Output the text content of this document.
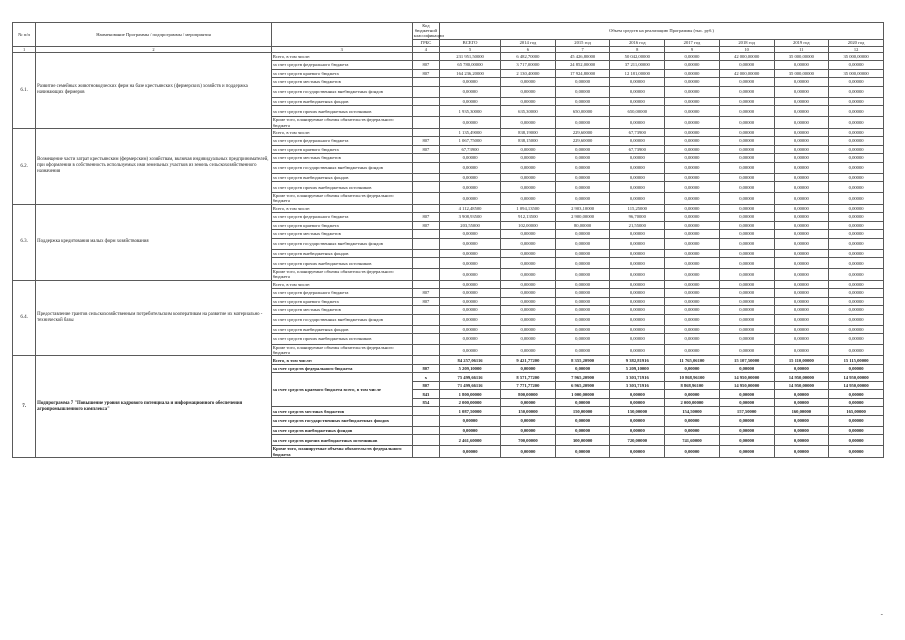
№ п/п	Наименование Программы / подпрограммы / мероприятия		Код бюджетной классификации	Объем средств на реализацию Программы (тыс. руб.)							
			ГРБС	ВСЕГО	2014 год	2015 год	2016 год	2017 год	2018 год	2019 год	2020 год

1	2	3	4	5	6	7	8	9	10	11	12
6.1.	Развитие семейных животноводческих ферм на базе крестьянских (фермерских) хозяйств и поддержка начинающих фермеров	Всего, в том числе:		231 951,50000	6 482,70000	45 426,80000	50 042,00000	0,00000	42 000,00000	35 000,00000	35 000,00000
		за счет средств федерального бюджета	807	65 780,00000	3 717,00000	24 852,00000	37 211,00000	0,00000	0,00000	0,00000	0,00000
		за счет средств краевого бюджета	807	164 236,20000	2 130,40000	17 924,80000	12 181,00000	0,00000	42 000,00000	35 000,00000	35 000,00000
		за счет средств местных бюджетов		0,00000	0,00000	0,00000	0,00000	0,00000	0,00000	0,00000	0,00000
		за счет средств государственных внебюджетных фондов		0,00000	0,00000	0,00000	0,00000	0,00000	0,00000	0,00000	0,00000
		за счет средств внебюджетных фондов		0,00000	0,00000	0,00000	0,00000	0,00000	0,00000	0,00000	0,00000
		за счет средств прочих внебюджетных источников		1 935,30000	635,30000	650,00000	650,00000	0,00000	0,00000	0,00000	0,00000
		Кроме того, планируемые объемы обязательств федерального бюджета		0,00000	0,00000	0,00000	0,00000	0,00000	0,00000	0,00000	0,00000
6.2.	Возмещение части затрат крестьянским (фермерским) хозяйствам, включая индивидуальных предпринимателей, при оформлении в собственность используемых ими земельных участков из земель сельскохозяйственного назначения	Всего, в том числе:		1 135,49000	838,19000	229,60000	67,73900	0,00000	0,00000	0,00000	0,00000
		за счет средств федерального бюджета	807	1 067,75000	838,15000	229,60000	0,00000	0,00000	0,00000	0,00000	0,00000
		за счет средств краевого бюджета	807	67,73900	0,00000	0,00000	67,73900	0,00000	0,00000	0,00000	0,00000
		за счет средств местных бюджетов		0,00000	0,00000	0,00000	0,00000	0,00000	0,00000	0,00000	0,00000
		за счет средств государственных внебюджетных фондов		0,00000	0,00000	0,00000	0,00000	0,00000	0,00000	0,00000	0,00000
		за счет средств внебюджетных фондов		0,00000	0,00000	0,00000	0,00000	0,00000	0,00000	0,00000	0,00000
		за счет средств прочих внебюджетных источников		0,00000	0,00000	0,00000	0,00000	0,00000	0,00000	0,00000	0,00000
		Кроме того, планируемые объемы обязательств федерального бюджета		0,00000	0,00000	0,00000	0,00000	0,00000	0,00000	0,00000	0,00000
6.3.	Поддержка кредитования малых форм хозяйствования	Всего, в том числе:		4 112,48500	1 094,13500	2 903,10000	115,25000	0,00000	0,00000	0,00000	0,00000
		за счет средств федерального бюджета	807	3 908,93500	912,13500	2 900,00000	96,70000	0,00000	0,00000	0,00000	0,00000
		за счет средств краевого бюджета	807	203,55000	102,00000	80,00000	21,55000	0,00000	0,00000	0,00000	0,00000
		за счет средств местных бюджетов		0,00000	0,00000	0,00000	0,00000	0,00000	0,00000	0,00000	0,00000
		за счет средств государственных внебюджетных фондов		0,00000	0,00000	0,00000	0,00000	0,00000	0,00000	0,00000	0,00000
		за счет средств внебюджетных фондов		0,00000	0,00000	0,00000	0,00000	0,00000	0,00000	0,00000	0,00000
		за счет средств прочих внебюджетных источников		0,00000	0,00000	0,00000	0,00000	0,00000	0,00000	0,00000	0,00000
		Кроме того, планируемые объемы обязательств федерального бюджета		0,00000	0,00000	0,00000	0,00000	0,00000	0,00000	0,00000	0,00000
6.4.	Предоставление грантов сельскохозяйственным потребительским кооперативам на развитие их материально - технической базы	Всего, в том числе:		0,00000	0,00000	0,00000	0,00000	0,00000	0,00000	0,00000	0,00000
		за счет средств федерального бюджета	807	0,00000	0,00000	0,00000	0,00000	0,00000	0,00000	0,00000	0,00000
		за счет средств краевого бюджета	807	0,00000	0,00000	0,00000	0,00000	0,00000	0,00000	0,00000	0,00000
		за счет средств местных бюджетов		0,00000	0,00000	0,00000	0,00000	0,00000	0,00000	0,00000	0,00000
		за счет средств государственных внебюджетных фондов		0,00000	0,00000	0,00000	0,00000	0,00000	0,00000	0,00000	0,00000
		за счет средств внебюджетных фондов		0,00000	0,00000	0,00000	0,00000	0,00000	0,00000	0,00000	0,00000
		за счет средств прочих внебюджетных источников		0,00000	0,00000	0,00000	0,00000	0,00000	0,00000	0,00000	0,00000
		Кроме того, планируемые объемы обязательств федерального бюджета		0,00000	0,00000	0,00000	0,00000	0,00000	0,00000	0,00000	0,00000
7.	Подпрограмма 7 "Повышение уровня кадрового потенциала и информационного обеспечения агропромышленного комплекса"	Всего, в том числе:		84 257,06116	9 421,77200	8 355,20900	9 382,81916	11 765,06100	15 107,50000	15 110,00000	15 115,00000
		за счет средств федерального бюджета	807	5 209,10000	0,00000	0,00000	5 209,10000	0,00000	0,00000	0,00000	0,00000
		за счет средств краевого бюджета всего, в том числе	х	75 499,66116	8 571,77200	7 965,20900	3 303,71916	10 868,96100	14 950,00000	14 950,00000	14 950,00000
			807	71 499,66116	7 771,77200	6 965,20900	3 303,71916	8 868,96100	14 950,00000	14 950,00000	14 950,00000
			843	1 800,00000	800,00000	1 000,00000	0,00000	0,00000	0,00000	0,00000	0,00000
			854	2 000,00000	0,00000	0,00000	0,00000	2 000,00000	0,00000	0,00000	0,00000
		за счет средств местных бюджетов		1 087,50000	150,00000	150,00000	150,00000	154,50000	157,50000	160,00000	165,00000
		за счет средств государственных внебюджетных фондов		0,00000	0,00000	0,00000	0,00000	0,00000	0,00000	0,00000	0,00000
		за счет средств внебюджетных фондов		0,00000	0,00000	0,00000	0,00000	0,00000	0,00000	0,00000	0,00000
		за счет средств прочих внебюджетных источников		2 461,60000	700,00000	300,00000	720,00000	741,60000	0,00000	0,00000	0,00000
		Кроме того, планируемые объемы обязательств федерального бюджета		0,00000	0,00000	0,00000	0,00000	0,00000	0,00000	0,00000	0,00000
-
